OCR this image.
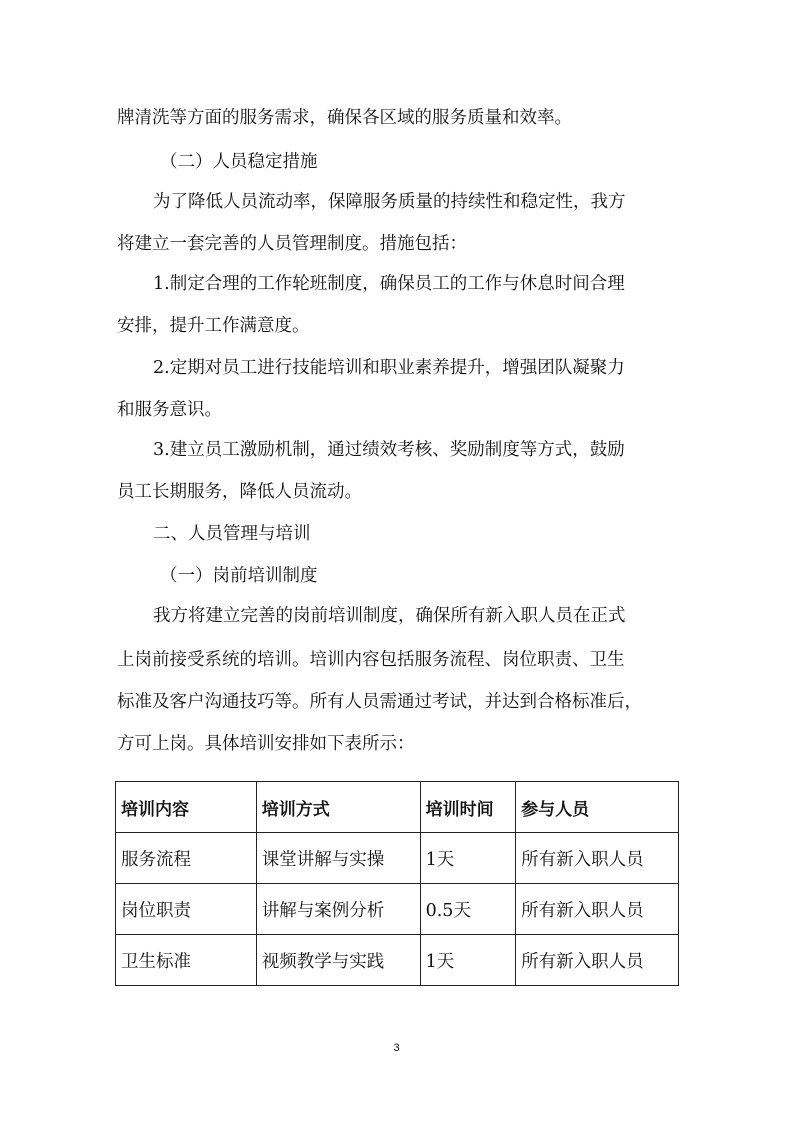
牌清洗等方面的服务需求，确保各区域的服务质量和效率。
（二）人员稳定措施
为了降低人员流动率，保障服务质量的持续性和稳定性，我方
将建立一套完善的人员管理制度。措施包括：
1.制定合理的工作轮班制度，确保员工的工作与休息时间合理
安排，提升工作满意度。
2.定期对员工进行技能培训和职业素养提升，增强团队凝聚力
和服务意识。
3.建立员工激励机制，通过绩效考核、奖励制度等方式，鼓励
员工长期服务，降低人员流动。
二、人员管理与培训
（一）岗前培训制度
我方将建立完善的岗前培训制度，确保所有新入职人员在正式
上岗前接受系统的培训。培训内容包括服务流程、岗位职责、卫生
标准及客户沟通技巧等。所有人员需通过考试，并达到合格标准后，
方可上岗。具体培训安排如下表所示：
培训内容	培训方式	培训时间	参与人员
服务流程	课堂讲解与实操	1天	所有新入职人员
岗位职责	讲解与案例分析	0.5天	所有新入职人员
卫生标准	视频教学与实践	1天	所有新入职人员
3
